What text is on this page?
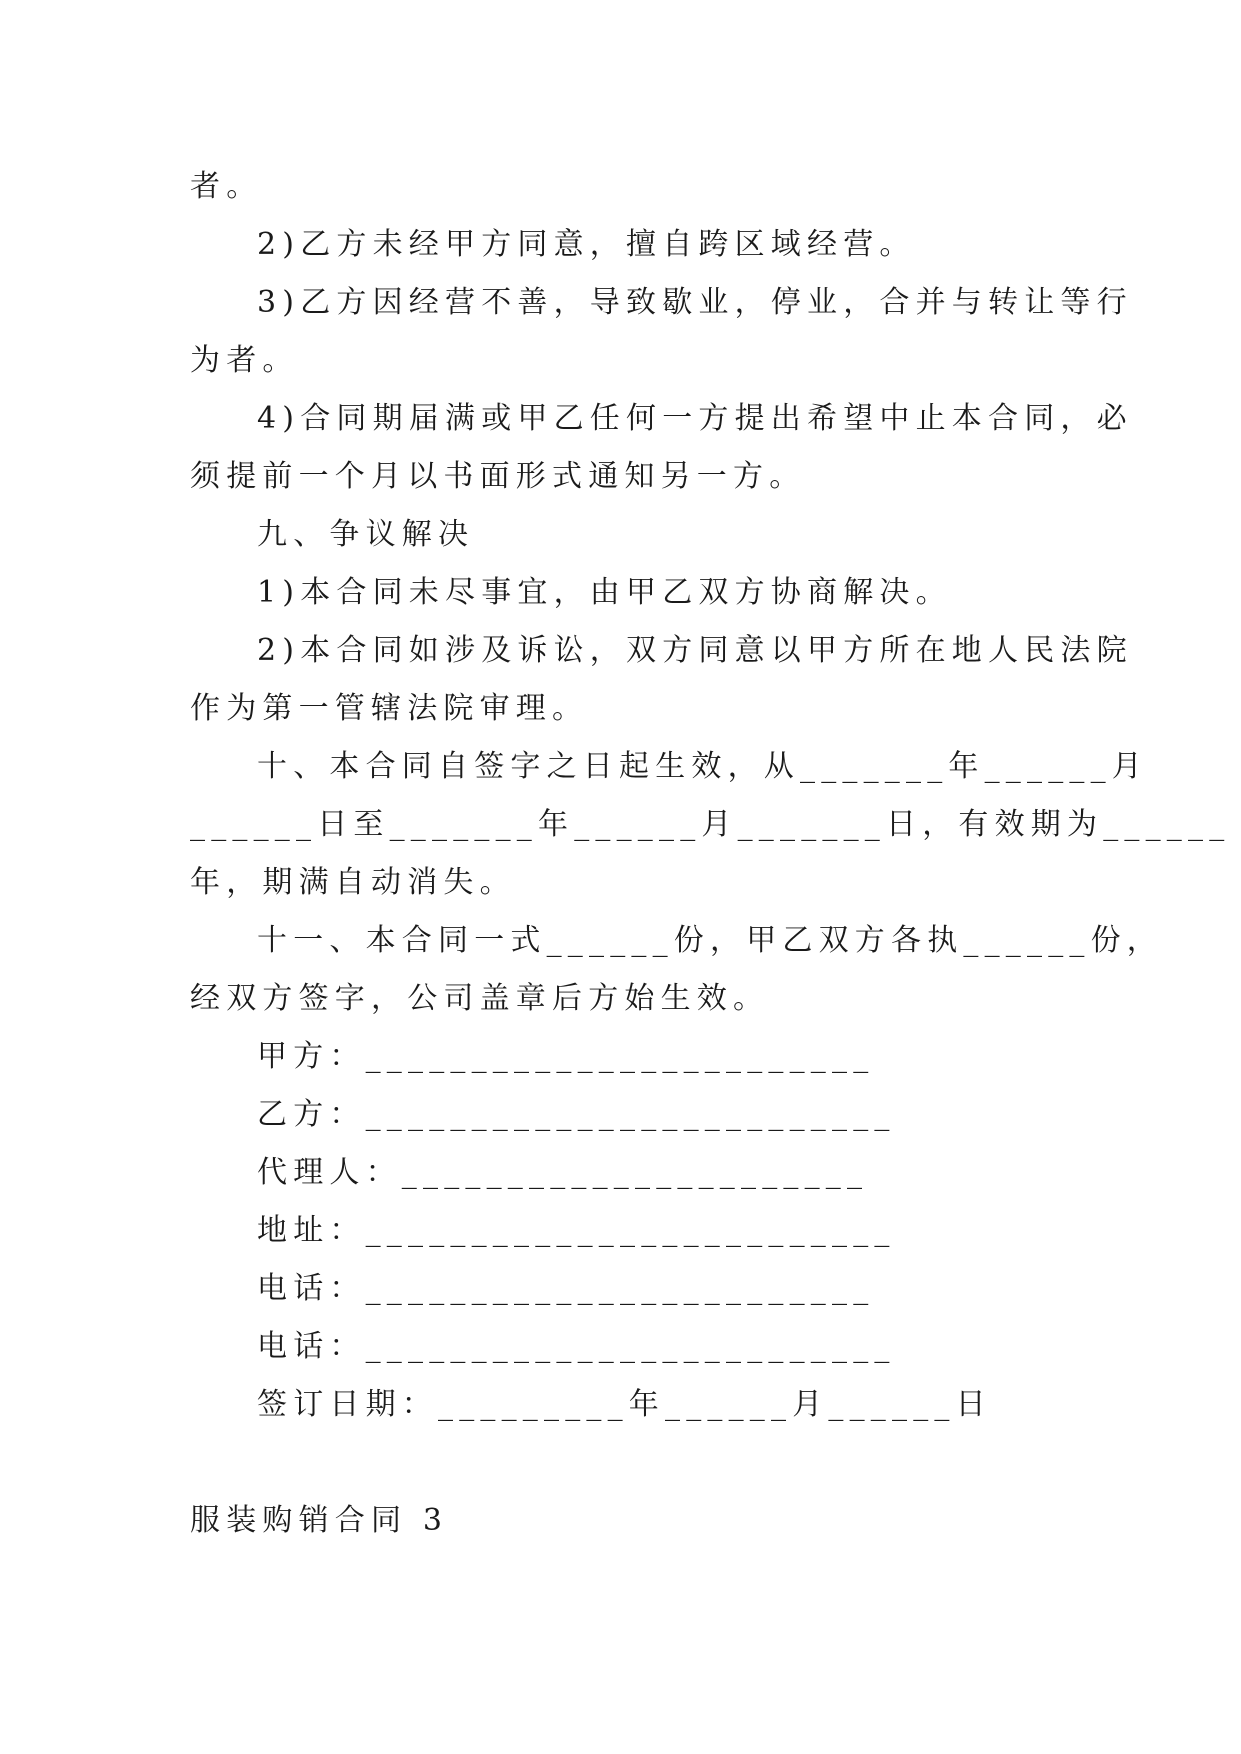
者。
2)乙方未经甲方同意，擅自跨区域经营。
3)乙方因经营不善，导致歇业，停业，合并与转让等行
为者。
4)合同期届满或甲乙任何一方提出希望中止本合同，必
须提前一个月以书面形式通知另一方。
九、争议解决
1)本合同未尽事宜，由甲乙双方协商解决。
2)本合同如涉及诉讼，双方同意以甲方所在地人民法院
作为第一管辖法院审理。
十、本合同自签字之日起生效，从_______年______月
______日至_______年______月_______日，有效期为______
年，期满自动消失。
十一、本合同一式______份，甲乙双方各执______份，
经双方签字，公司盖章后方始生效。
甲方：________________________
乙方：_________________________
代理人：______________________
地址：_________________________
电话：________________________
电话：_________________________
签订日期：_________年______月______日
服装购销合同 3
